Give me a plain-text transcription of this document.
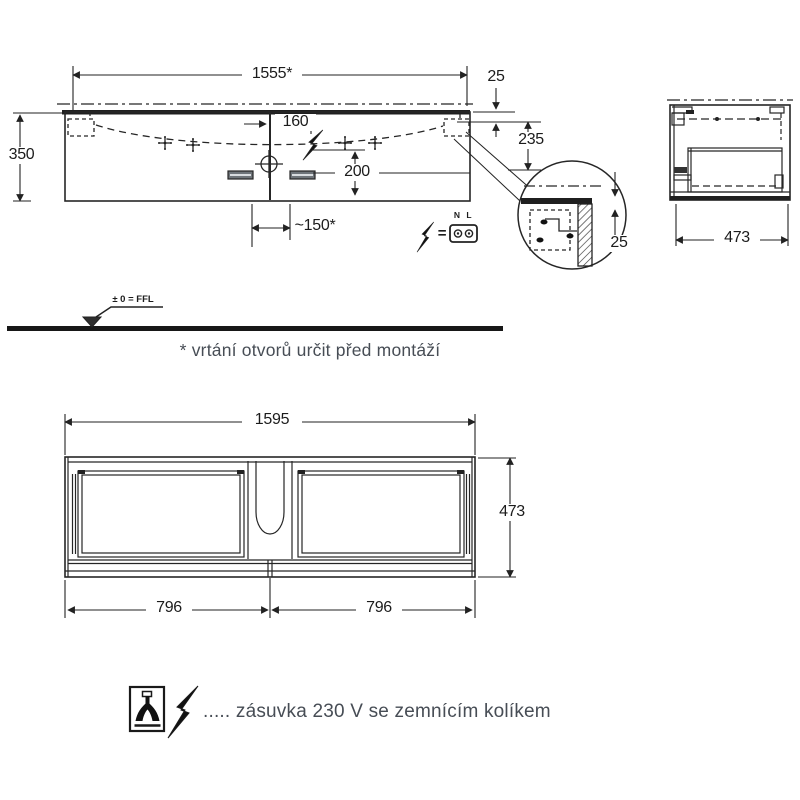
1555*
350
25
235
160
200
~150*
473
25
1595
473
796	796
± 0 = FFL
=
N L
* vrtání otvorů určit před montáží
..... zásuvka 230 V se zemnícím kolíkem
